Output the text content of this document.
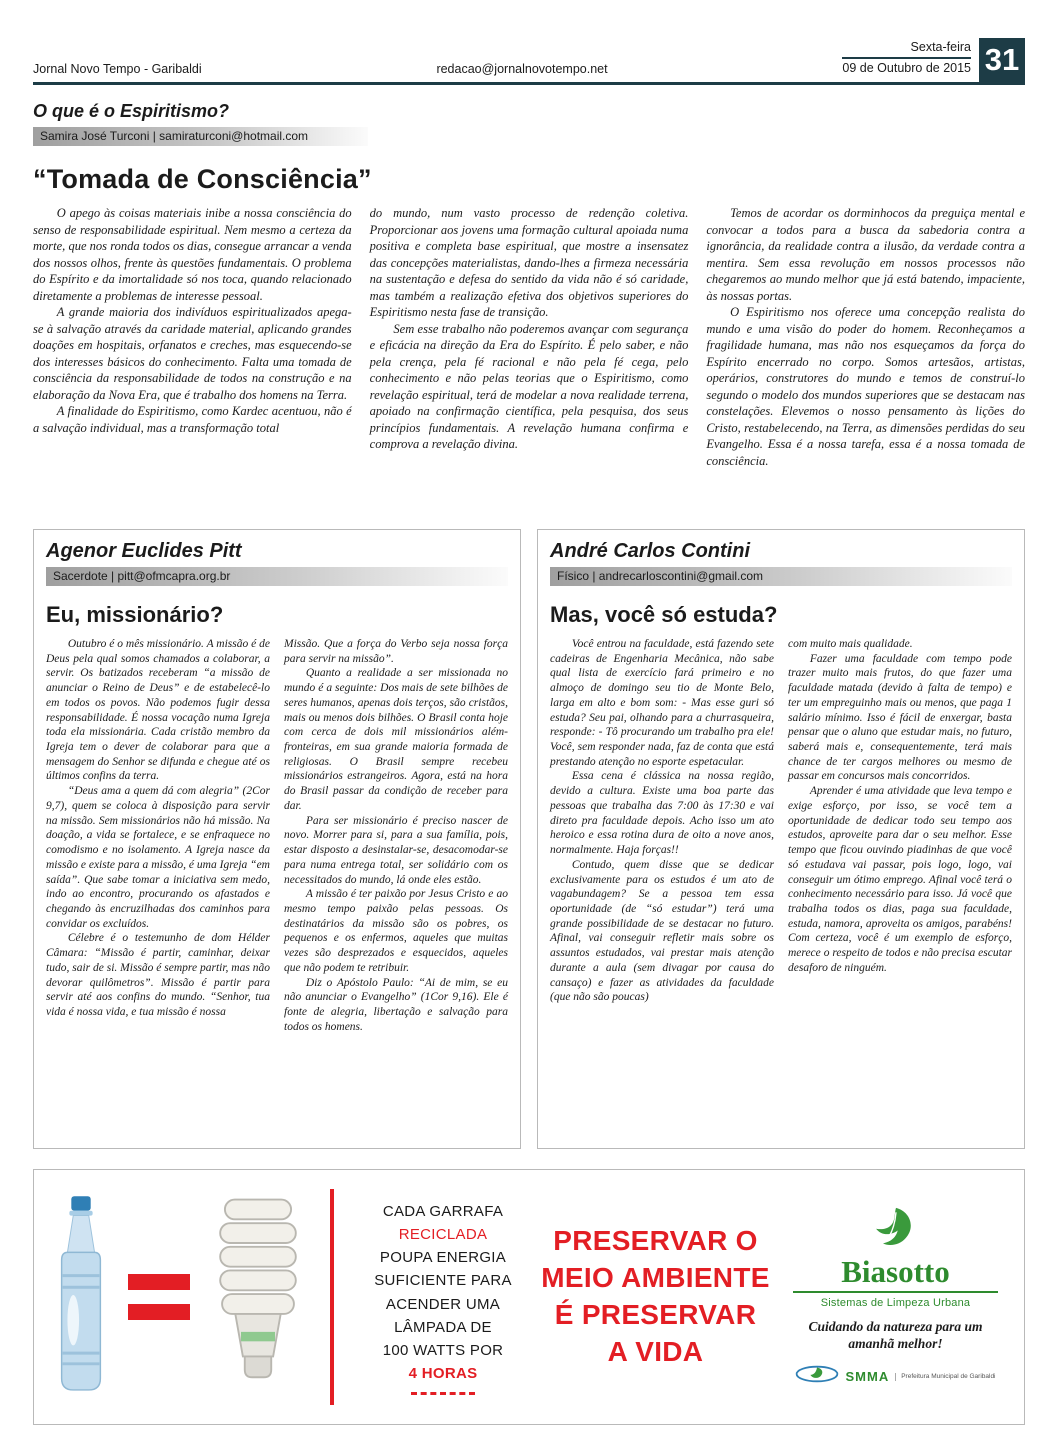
Jornal Novo Tempo - Garibaldi	redacao@jornalnovotempo.net
Sexta-feira
09 de Outubro de 2015 31
O que é o Espiritismo?
Samira José Turconi | samiraturconi@hotmail.com
“Tomada de Consciência”

O apego às coisas materiais inibe a nossa consciência do senso de responsabilidade espiritual. Nem mesmo a certeza da morte, que nos ronda todos os dias, consegue arrancar a venda dos nossos olhos, frente às questões fundamentais. O problema do Espírito e da imortalidade só nos toca, quando relacionado diretamente a problemas de interesse pessoal.

A grande maioria dos indivíduos espiritualizados apega-se à salvação através da caridade material, aplicando grandes doações em hospitais, orfanatos e creches, mas esquecendo-se dos interesses básicos do conhecimento. Falta uma tomada de consciência da responsabilidade de todos na construção e na elaboração da Nova Era, que é trabalho dos homens na Terra.

A finalidade do Espiritismo, como Kardec acentuou, não é a salvação individual, mas a transformação total

do mundo, num vasto processo de redenção coletiva. Proporcionar aos jovens uma formação cultural apoiada numa positiva e completa base espiritual, que mostre a insensatez das concepções materialistas, dando-lhes a firmeza necessária na sustentação e defesa do sentido da vida não é só caridade, mas também a realização efetiva dos objetivos superiores do Espiritismo nesta fase de transição.

Sem esse trabalho não poderemos avançar com segurança e eficácia na direção da Era do Espírito. É pelo saber, e não pela crença, pela fé racional e não pela fé cega, pelo conhecimento e não pelas teorias que o Espiritismo, como revelação espiritual, terá de modelar a nova realidade terrena, apoiado na confirmação científica, pela pesquisa, dos seus princípios fundamentais. A revelação humana confirma e comprova a revelação divina.

Temos de acordar os dorminhocos da preguiça mental e convocar a todos para a busca da sabedoria contra a ignorância, da realidade contra a ilusão, da verdade contra a mentira. Sem essa revolução em nossos processos não chegaremos ao mundo melhor que já está batendo, impaciente, às nossas portas.

O Espiritismo nos oferece uma concepção realista do mundo e uma visão do poder do homem. Reconheçamos a fragilidade humana, mas não nos esqueçamos da força do Espírito encerrado no corpo. Somos artesãos, artistas, operários, construtores do mundo e temos de construí-lo segundo o modelo dos mundos superiores que se destacam nas constelações. Elevemos o nosso pensamento às lições do Cristo, restabelecendo, na Terra, as dimensões perdidas do seu Evangelho. Essa é a nossa tarefa, essa é a nossa tomada de consciência.

Agenor Euclides Pitt
Sacerdote | pitt@ofmcapra.org.br
Eu, missionário?

Outubro é o mês missionário. A missão é de Deus pela qual somos chamados a colaborar, a servir. Os batizados receberam “a missão de anunciar o Reino de Deus” e de estabelecê-lo em todos os povos. Não podemos fugir dessa responsabilidade. É nossa vocação numa Igreja toda ela missionária. Cada cristão membro da Igreja tem o dever de colaborar para que a mensagem do Senhor se difunda e chegue até os últimos confins da terra.

“Deus ama a quem dá com alegria” (2Cor 9,7), quem se coloca à disposição para servir na missão. Sem missionários não há missão. Na doação, a vida se fortalece, e se enfraquece no comodismo e no isolamento. A Igreja nasce da missão e existe para a missão, é uma Igreja “em saída”. Que sabe tomar a iniciativa sem medo, indo ao encontro, procurando os afastados e chegando às encruzilhadas dos caminhos para convidar os excluídos.

Célebre é o testemunho de dom Hélder Câmara: “Missão é partir, caminhar, deixar tudo, sair de si. Missão é sempre partir, mas não devorar quilômetros”. Missão é partir para servir até aos confins do mundo. “Senhor, tua vida é nossa vida, e tua missão é nossa

Missão. Que a força do Verbo seja nossa força para servir na missão”.

Quanto a realidade a ser missionada no mundo é a seguinte: Dos mais de sete bilhões de seres humanos, apenas dois terços, são cristãos, mais ou menos dois bilhões. O Brasil conta hoje com cerca de dois mil missionários além-fronteiras, em sua grande maioria formada de religiosas. O Brasil sempre recebeu missionários estrangeiros. Agora, está na hora do Brasil passar da condição de receber para dar.

Para ser missionário é preciso nascer de novo. Morrer para si, para a sua família, pois, estar disposto a desinstalar-se, desacomodar-se para numa entrega total, ser solidário com os necessitados do mundo, lá onde eles estão.

A missão é ter paixão por Jesus Cristo e ao mesmo tempo paixão pelas pessoas. Os destinatários da missão são os pobres, os pequenos e os enfermos, aqueles que muitas vezes são desprezados e esquecidos, aqueles que não podem te retribuir.

Diz o Apóstolo Paulo: “Ai de mim, se eu não anunciar o Evangelho” (1Cor 9,16). Ele é fonte de alegria, libertação e salvação para todos os homens.

André Carlos Contini
Físico | andrecarloscontini@gmail.com
Mas, você só estuda?

Você entrou na faculdade, está fazendo sete cadeiras de Engenharia Mecânica, não sabe qual lista de exercício fará primeiro e no almoço de domingo seu tio de Monte Belo, larga em alto e bom som: - Mas esse guri só estuda? Seu pai, olhando para a churrasqueira, responde: - Tô procurando um trabalho pra ele! Você, sem responder nada, faz de conta que está prestando atenção no esporte espetacular.

Essa cena é clássica na nossa região, devido a cultura. Existe uma boa parte das pessoas que trabalha das 7:00 às 17:30 e vai direto pra faculdade depois. Acho isso um ato heroico e essa rotina dura de oito a nove anos, normalmente. Haja forças!!

Contudo, quem disse que se dedicar exclusivamente para os estudos é um ato de vagabundagem? Se a pessoa tem essa oportunidade (de “só estudar”) terá uma grande possibilidade de se destacar no futuro. Afinal, vai conseguir refletir mais sobre os assuntos estudados, vai prestar mais atenção durante a aula (sem divagar por causa do cansaço) e fazer as atividades da faculdade (que não são poucas)

com muito mais qualidade.

Fazer uma faculdade com tempo pode trazer muito mais frutos, do que fazer uma faculdade matada (devido à falta de tempo) e ter um empreguinho mais ou menos, que paga 1 salário mínimo. Isso é fácil de enxergar, basta pensar que o aluno que estudar mais, no futuro, saberá mais e, consequentemente, terá mais chance de ter cargos melhores ou mesmo de passar em concursos mais concorridos.

Aprender é uma atividade que leva tempo e exige esforço, por isso, se você tem a oportunidade de dedicar todo seu tempo aos estudos, aproveite para dar o seu melhor. Esse tempo que ficou ouvindo piadinhas de que você só estudava vai passar, pois logo, logo, vai conseguir um ótimo emprego. Afinal você terá o conhecimento necessário para isso. Já você que trabalha todos os dias, paga sua faculdade, estuda, namora, aproveita os amigos, parabéns! Com certeza, você é um exemplo de esforço, merece o respeito de todos e não precisa escutar desaforo de ninguém.

CADA GARRAFA
RECICLADA
POUPA ENERGIA
SUFICIENTE PARA
ACENDER UMA
LÂMPADA DE
100 WATTS POR
4 HORAS
PRESERVAR O
MEIO AMBIENTE
É PRESERVAR
A VIDA
Biasotto
Sistemas de Limpeza Urbana
Cuidando da natureza para um amanhã melhor!
SMMA	Prefeitura Municipal de Garibaldi
